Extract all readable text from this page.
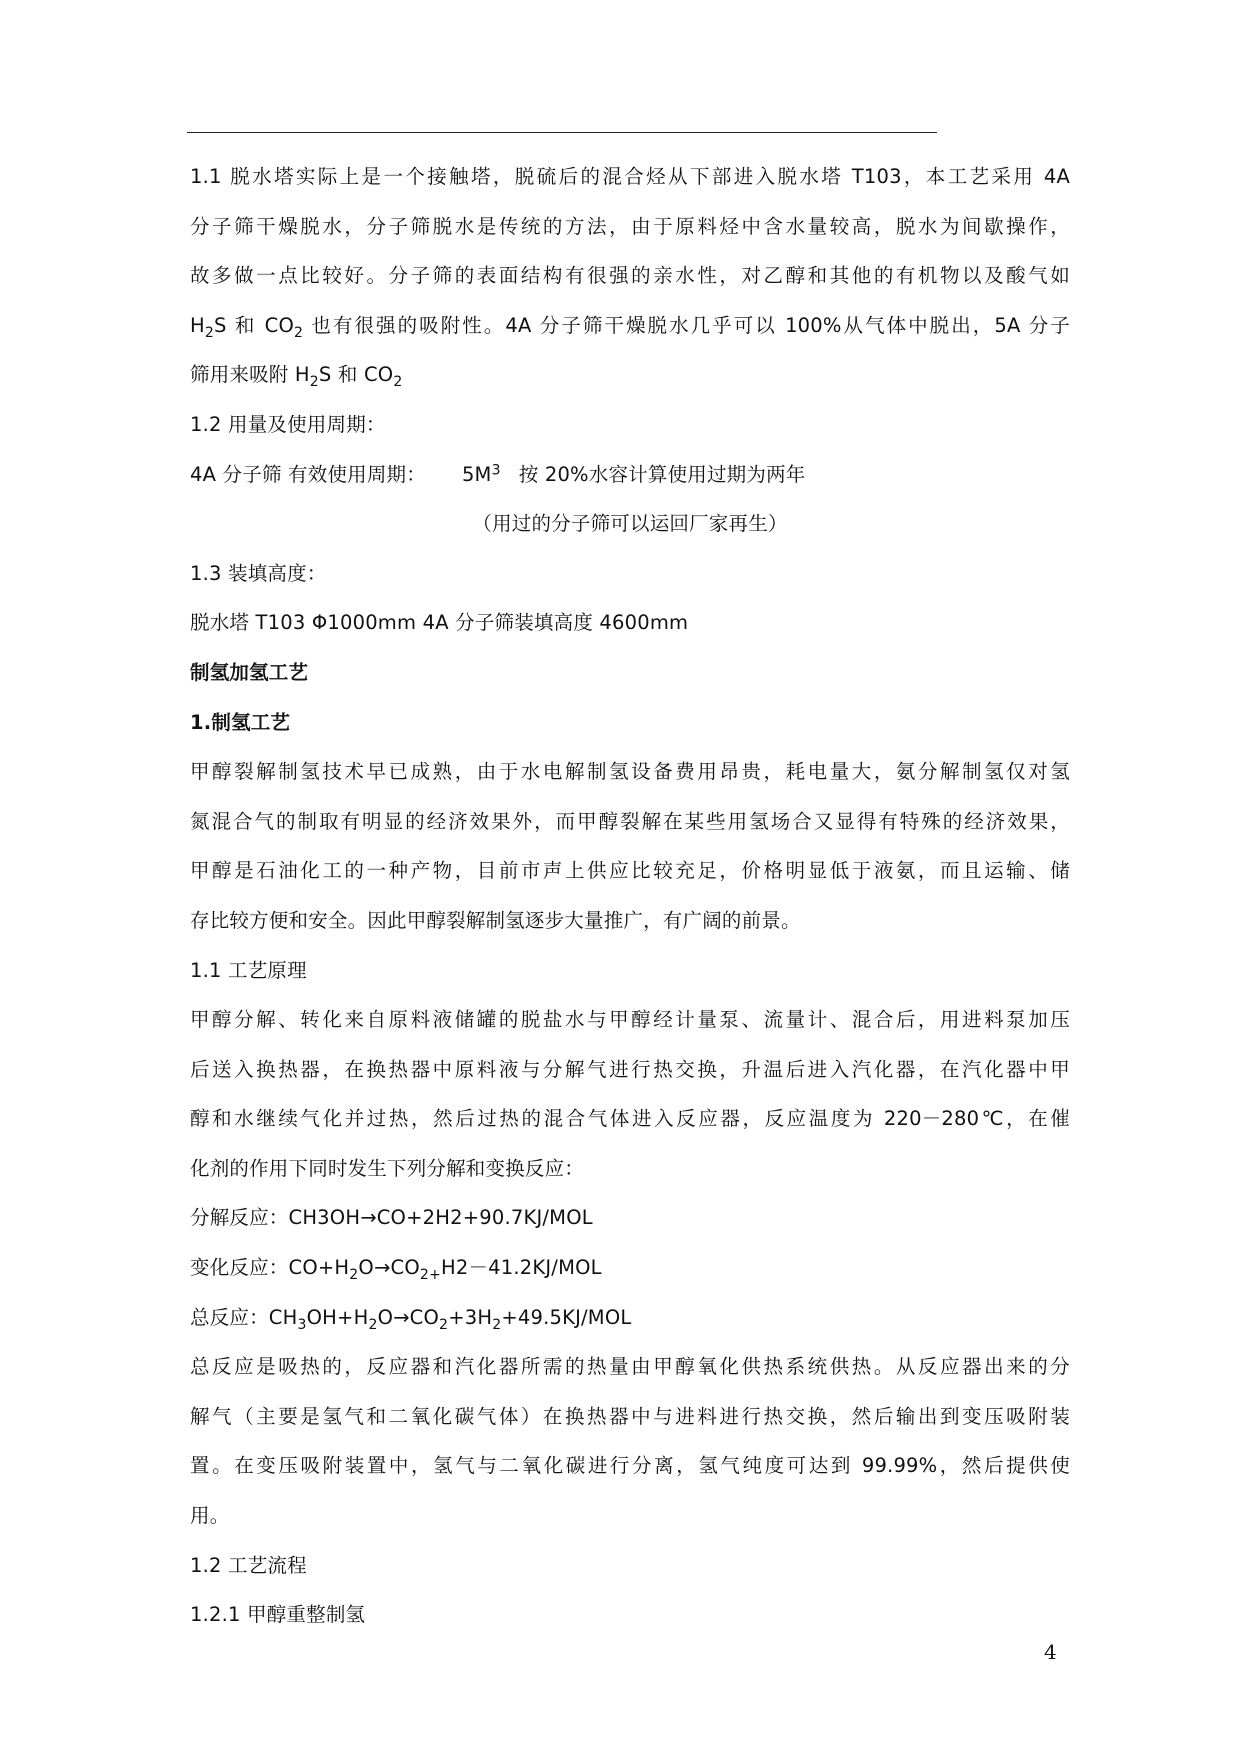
1.1 脱水塔实际上是一个接触塔，脱硫后的混合烃从下部进入脱水塔 T103，本工艺采用 4A
分子筛干燥脱水，分子筛脱水是传统的方法，由于原料烃中含水量较高，脱水为间歇操作，
故多做一点比较好。分子筛的表面结构有很强的亲水性，对乙醇和其他的有机物以及酸气如
$H_2S$ 和 $CO_2$ 也有很强的吸附性。4A 分子筛干燥脱水几乎可以 100%从气体中脱出，5A 分子
筛用来吸附 $H_2S$ 和 $CO_2$
1.2 用量及使用周期：
4A 分子筛 有效使用周期： $5M^3$ 按 20%水容计算使用过期为两年
（用过的分子筛可以运回厂家再生）
1.3 装填高度：
脱水塔 T103 Φ1000mm 4A 分子筛装填高度 4600mm
制氢加氢工艺
1.制氢工艺
甲醇裂解制氢技术早已成熟，由于水电解制氢设备费用昂贵，耗电量大，氨分解制氢仅对氢
氮混合气的制取有明显的经济效果外，而甲醇裂解在某些用氢场合又显得有特殊的经济效果，
甲醇是石油化工的一种产物，目前市声上供应比较充足，价格明显低于液氨，而且运输、储
存比较方便和安全。因此甲醇裂解制氢逐步大量推广，有广阔的前景。
1.1 工艺原理
甲醇分解、转化来自原料液储罐的脱盐水与甲醇经计量泵、流量计、混合后，用进料泵加压
后送入换热器，在换热器中原料液与分解气进行热交换，升温后进入汽化器，在汽化器中甲
醇和水继续气化并过热，然后过热的混合气体进入反应器，反应温度为 220－280℃，在催
化剂的作用下同时发生下列分解和变换反应：
分解反应：CH3OH→CO+2H2+90.7KJ/MOL
变化反应：$CO+H_2O\to CO_{2+}H2-41.2KJ$/MOL
总反应：$CH_3OH+H_2O\to CO_2+3H_2+49.5KJ$/MOL
总反应是吸热的，反应器和汽化器所需的热量由甲醇氧化供热系统供热。从反应器出来的分
解气（主要是氢气和二氧化碳气体）在换热器中与进料进行热交换，然后输出到变压吸附装
置。在变压吸附装置中，氢气与二氧化碳进行分离，氢气纯度可达到 99.99%，然后提供使
用。
1.2 工艺流程
1.2.1 甲醇重整制氢
4
